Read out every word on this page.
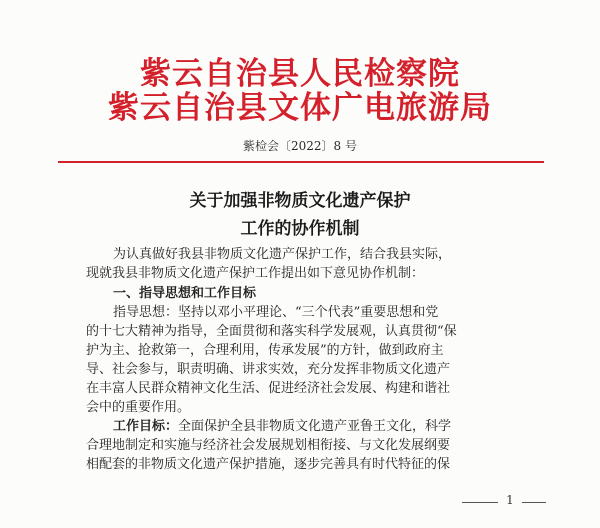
紫云自治县人民检察院
紫云自治县文体广电旅游局
紫检会〔2022〕8 号
关于加强非物质文化遗产保护
工作的协作机制
为认真做好我县非物质文化遗产保护工作，结合我县实际，
现就我县非物质文化遗产保护工作提出如下意见协作机制：
一、指导思想和工作目标
指导思想：坚持以邓小平理论、“三个代表”重要思想和党
的十七大精神为指导，全面贯彻和落实科学发展观，认真贯彻“保
护为主、抢救第一，合理利用，传承发展”的方针，做到政府主
导、社会参与，职责明确、讲求实效，充分发挥非物质文化遗产
在丰富人民群众精神文化生活、促进经济社会发展、构建和谐社
会中的重要作用。
工作目标：全面保护全县非物质文化遗产亚鲁王文化，科学
合理地制定和实施与经济社会发展规划相衔接、与文化发展纲要
相配套的非物质文化遗产保护措施，逐步完善具有时代特征的保
1
